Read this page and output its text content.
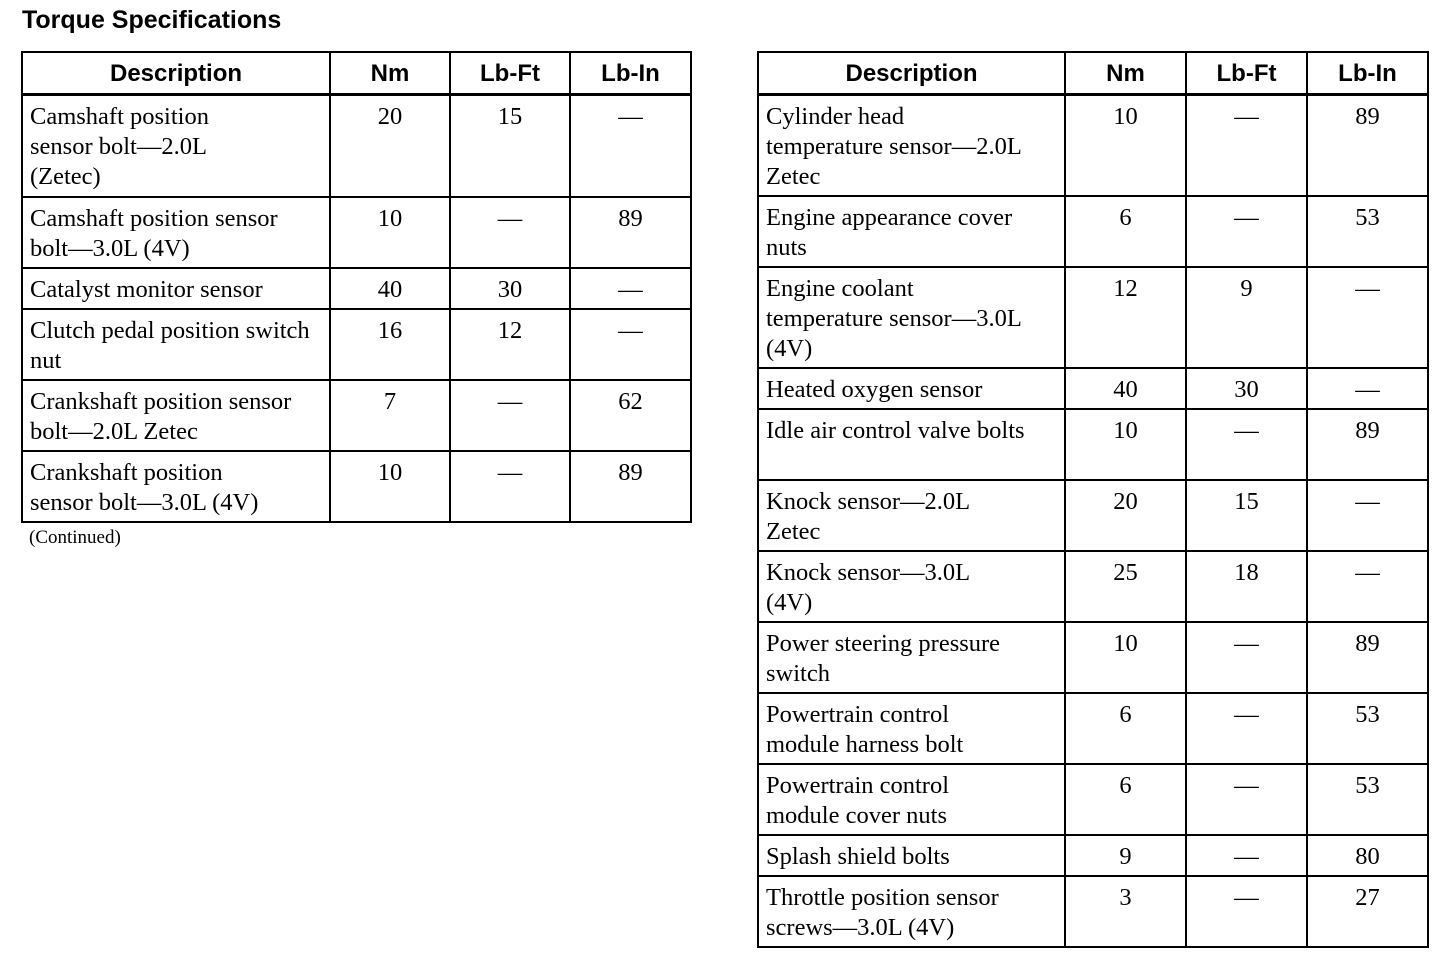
Torque Specifications
Description	Nm	Lb-Ft	Lb-In
Camshaft position sensor bolt—2.0L (Zetec)	20	15	—
Camshaft position sensor bolt—3.0L (4V)	10	—	89
Catalyst monitor sensor	40	30	—
Clutch pedal position switch nut	16	12	—
Crankshaft position sensor bolt—2.0L Zetec	7	—	62
Crankshaft position sensor bolt—3.0L (4V)	10	—	89
(Continued)
Description	Nm	Lb-Ft	Lb-In
Cylinder head temperature sensor—2.0L Zetec	10	—	89
Engine appearance cover nuts	6	—	53
Engine coolant temperature sensor—3.0L (4V)	12	9	—
Heated oxygen sensor	40	30	—
Idle air control valve bolts	10	—	89
Knock sensor—2.0L Zetec	20	15	—
Knock sensor—3.0L (4V)	25	18	—
Power steering pressure switch	10	—	89
Powertrain control module harness bolt	6	—	53
Powertrain control module cover nuts	6	—	53
Splash shield bolts	9	—	80
Throttle position sensor screws—3.0L (4V)	3	—	27
